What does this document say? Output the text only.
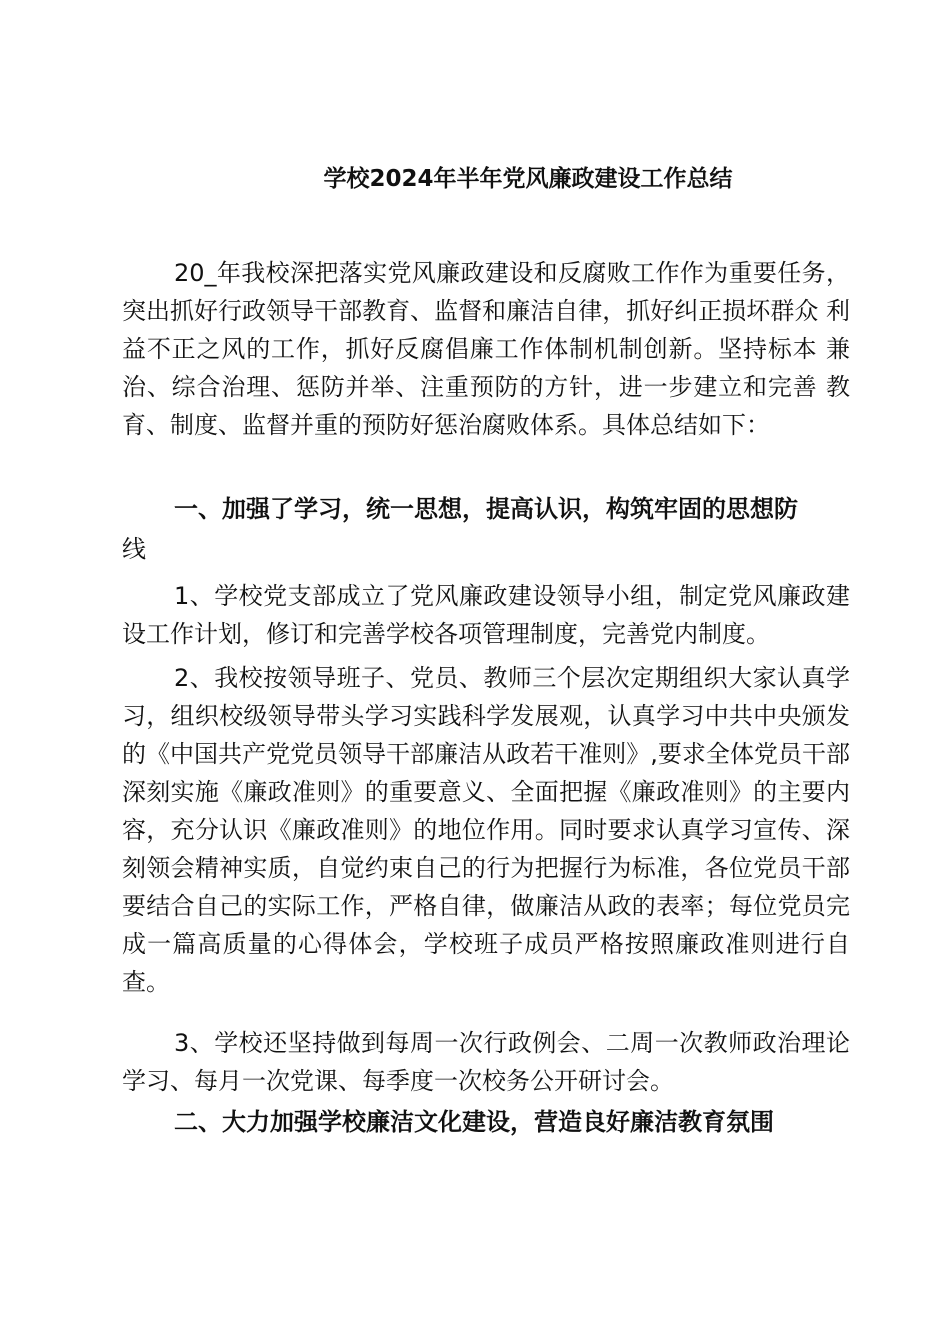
学校2024年半年党风廉政建设工作总结

20_年我校深把落实党风廉政建设和反腐败工作作为重要任务， 突出抓好行政领导干部教育、监督和廉洁自律，抓好纠正损坏群众 利益不正之风的工作，抓好反腐倡廉工作体制机制创新。坚持标本 兼治、综合治理、惩防并举、注重预防的方针，进一步建立和完善 教育、制度、监督并重的预防好惩治腐败体系。具体总结如下：

一、加强了学习，统一思想，提高认识，构筑牢固的思想防
线

1、学校党支部成立了党风廉政建设领导小组，制定党风廉政建设工作计划，修订和完善学校各项管理制度，完善党内制度。

2、我校按领导班子、党员、教师三个层次定期组织大家认真学习，组织校级领导带头学习实践科学发展观，认真学习中共中央颁发的《中国共产党党员领导干部廉洁从政若干准则》,要求全体党员干部深刻实施《廉政准则》的重要意义、全面把握《廉政准则》的主要内容，充分认识《廉政准则》的地位作用。同时要求认真学习宣传、深刻领会精神实质，自觉约束自己的行为把握行为标准，各位党员干部要结合自己的实际工作，严格自律，做廉洁从政的表率；每位党员完成一篇高质量的心得体会，学校班子成员严格按照廉政准则进行自查。

3、学校还坚持做到每周一次行政例会、二周一次教师政治理论学习、每月一次党课、每季度一次校务公开研讨会。

二、大力加强学校廉洁文化建设，营造良好廉洁教育氛围
